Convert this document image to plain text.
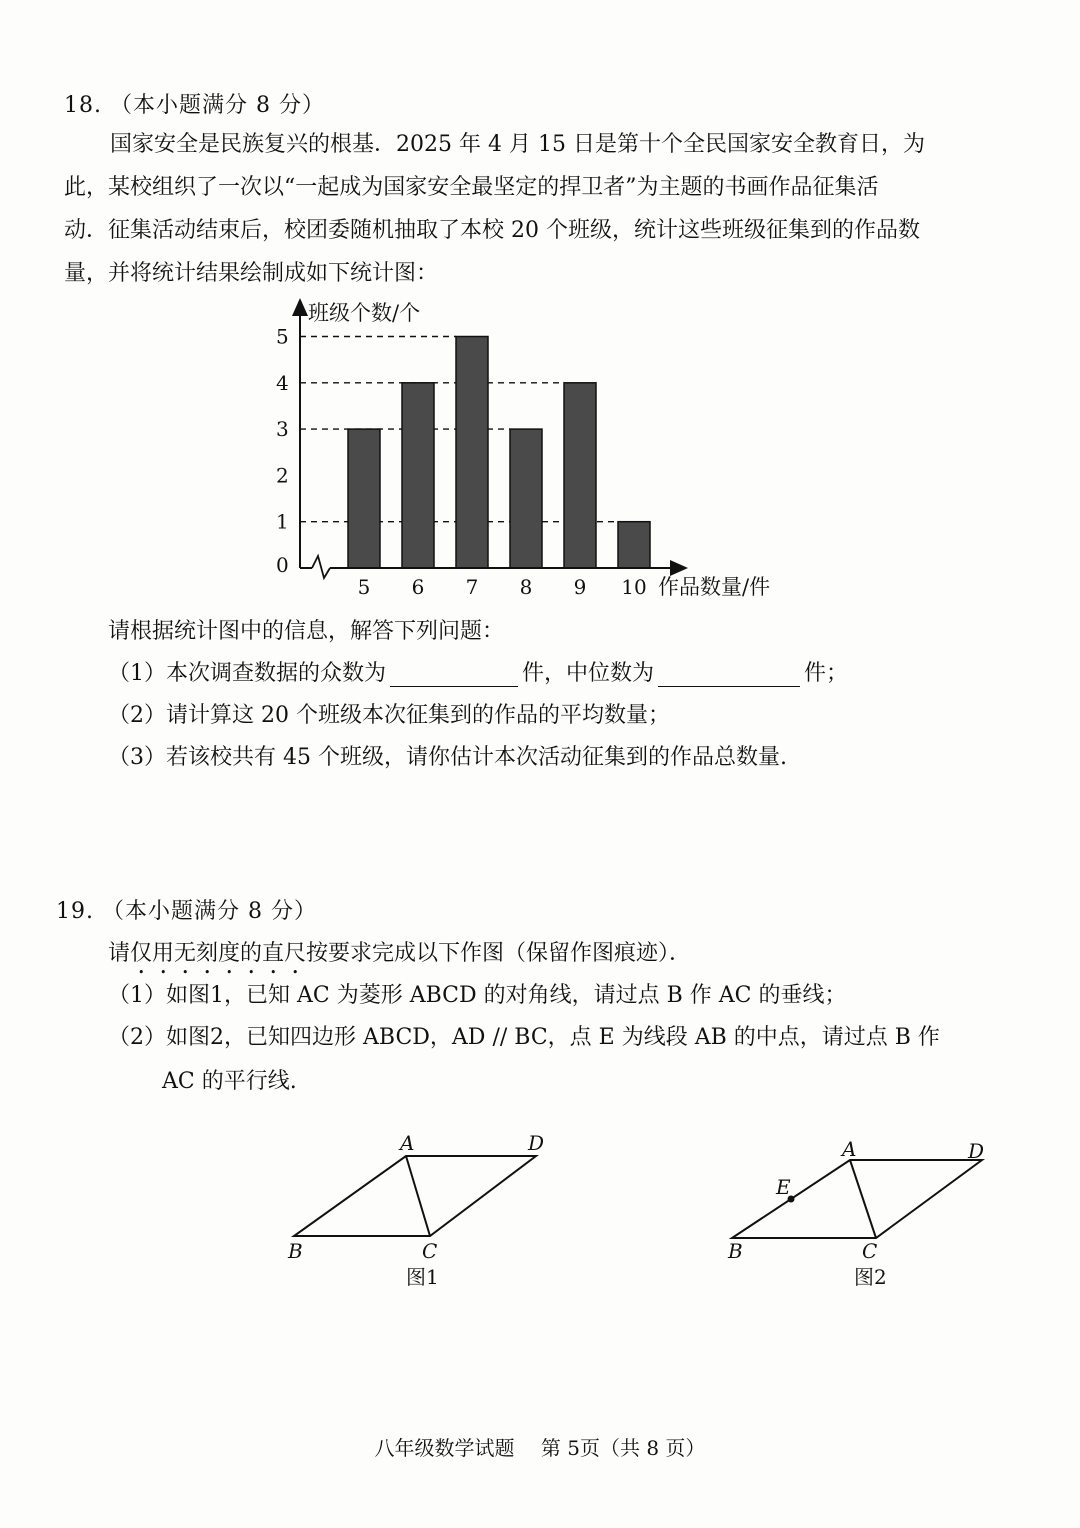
18. （本小题满分 8 分）
国家安全是民族复兴的根基．2025 年 4 月 15 日是第十个全民国家安全教育日，为
此，某校组织了一次以“一起成为国家安全最坚定的捍卫者”为主题的书画作品征集活
动．征集活动结束后，校团委随机抽取了本校 20 个班级，统计这些班级征集到的作品数
量，并将统计结果绘制成如下统计图：
班级个数/个
作品数量/件
0
1
2
3
4
5
5 6 7 8 9 10
请根据统计图中的信息，解答下列问题：
（1）本次调查数据的众数为	件，中位数为	件；
（2）请计算这 20 个班级本次征集到的作品的平均数量；
（3）若该校共有 45 个班级，请你估计本次活动征集到的作品总数量.
19. （本小题满分 8 分）
请仅用无刻度的直尺按要求完成以下作图（保留作图痕迹）．
（1）如图1，已知 AC 为菱形 ABCD 的对角线，请过点 B 作 AC 的垂线；
（2）如图2，已知四边形 ABCD，AD // BC，点 E 为线段 AB 的中点，请过点 B 作
AC 的平行线.
A	D
B	C
图1
A	D
E
B	C
图2
八年级数学试题　 第 5页（共 8 页）
